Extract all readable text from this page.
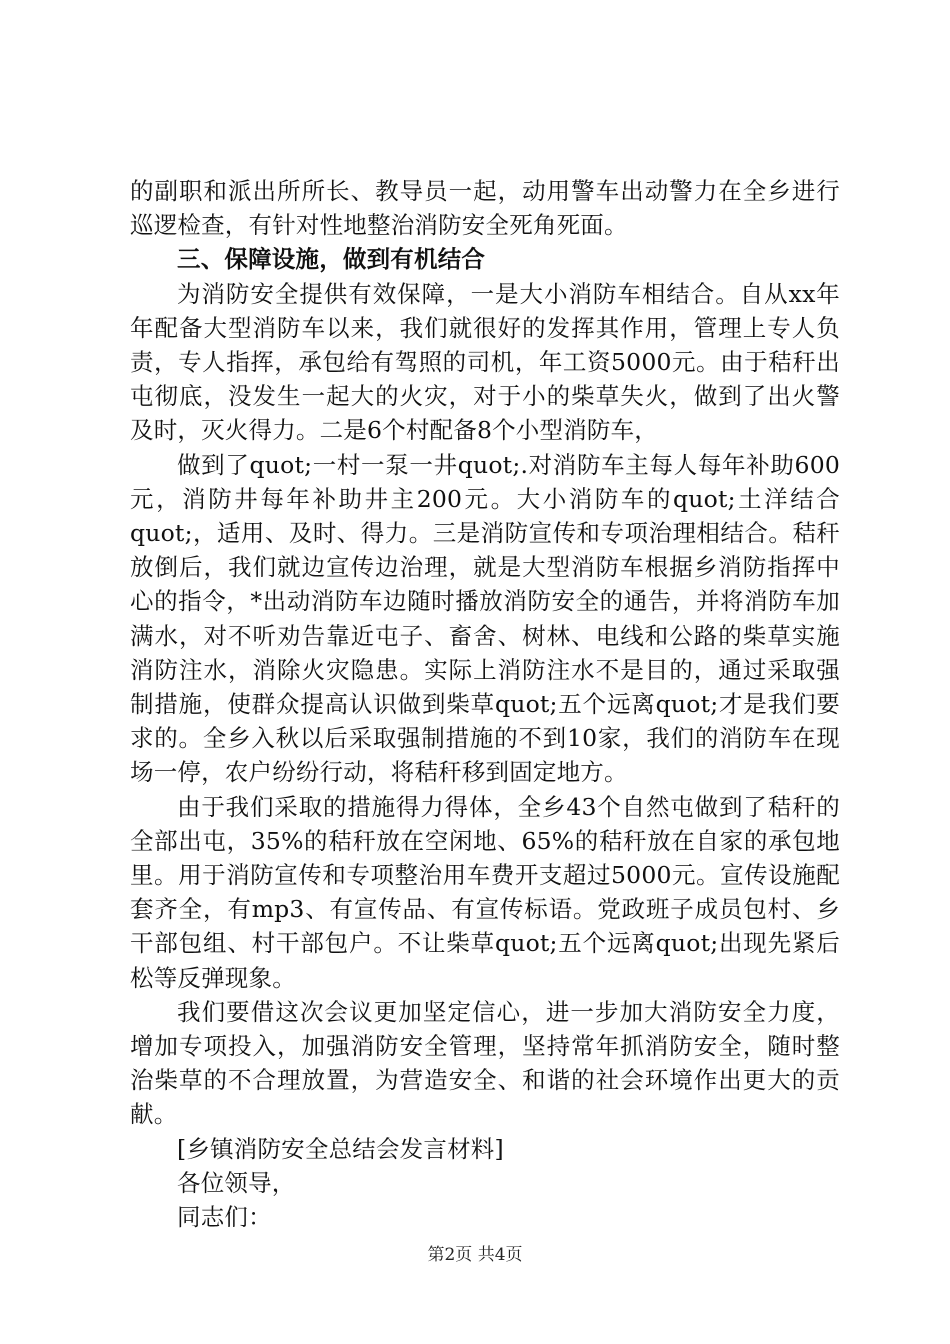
的副职和派出所所长、教导员一起，动用警车出动警力在全乡进行巡逻检查，有针对性地整治消防安全死角死面。

三、保障设施，做到有机结合

为消防安全提供有效保障，一是大小消防车相结合。自从xx年年配备大型消防车以来，我们就很好的发挥其作用，管理上专人负责，专人指挥，承包给有驾照的司机，年工资5000元。由于秸秆出屯彻底，没发生一起大的火灾，对于小的柴草失火，做到了出火警及时，灭火得力。二是6个村配备8个小型消防车，

做到了quot;一村一泵一井quot;.对消防车主每人每年补助600元，消防井每年补助井主200元。大小消防车的quot;土洋结合quot;，适用、及时、得力。三是消防宣传和专项治理相结合。秸秆放倒后，我们就边宣传边治理，就是大型消防车根据乡消防指挥中心的指令，*出动消防车边随时播放消防安全的通告，并将消防车加满水，对不听劝告靠近屯子、畜舍、树林、电线和公路的柴草实施消防注水，消除火灾隐患。实际上消防注水不是目的，通过采取强制措施，使群众提高认识做到柴草quot;五个远离quot;才是我们要求的。全乡入秋以后采取强制措施的不到10家，我们的消防车在现场一停，农户纷纷行动，将秸秆移到固定地方。

由于我们采取的措施得力得体，全乡43个自然屯做到了秸秆的全部出屯，35%的秸秆放在空闲地、65%的秸秆放在自家的承包地里。用于消防宣传和专项整治用车费开支超过5000元。宣传设施配套齐全，有mp3、有宣传品、有宣传标语。党政班子成员包村、乡干部包组、村干部包户。不让柴草quot;五个远离quot;出现先紧后松等反弹现象。

我们要借这次会议更加坚定信心，进一步加大消防安全力度，增加专项投入，加强消防安全管理，坚持常年抓消防安全，随时整治柴草的不合理放置，为营造安全、和谐的社会环境作出更大的贡献。

[乡镇消防安全总结会发言材料]

各位领导，

同志们：

第2页 共4页
